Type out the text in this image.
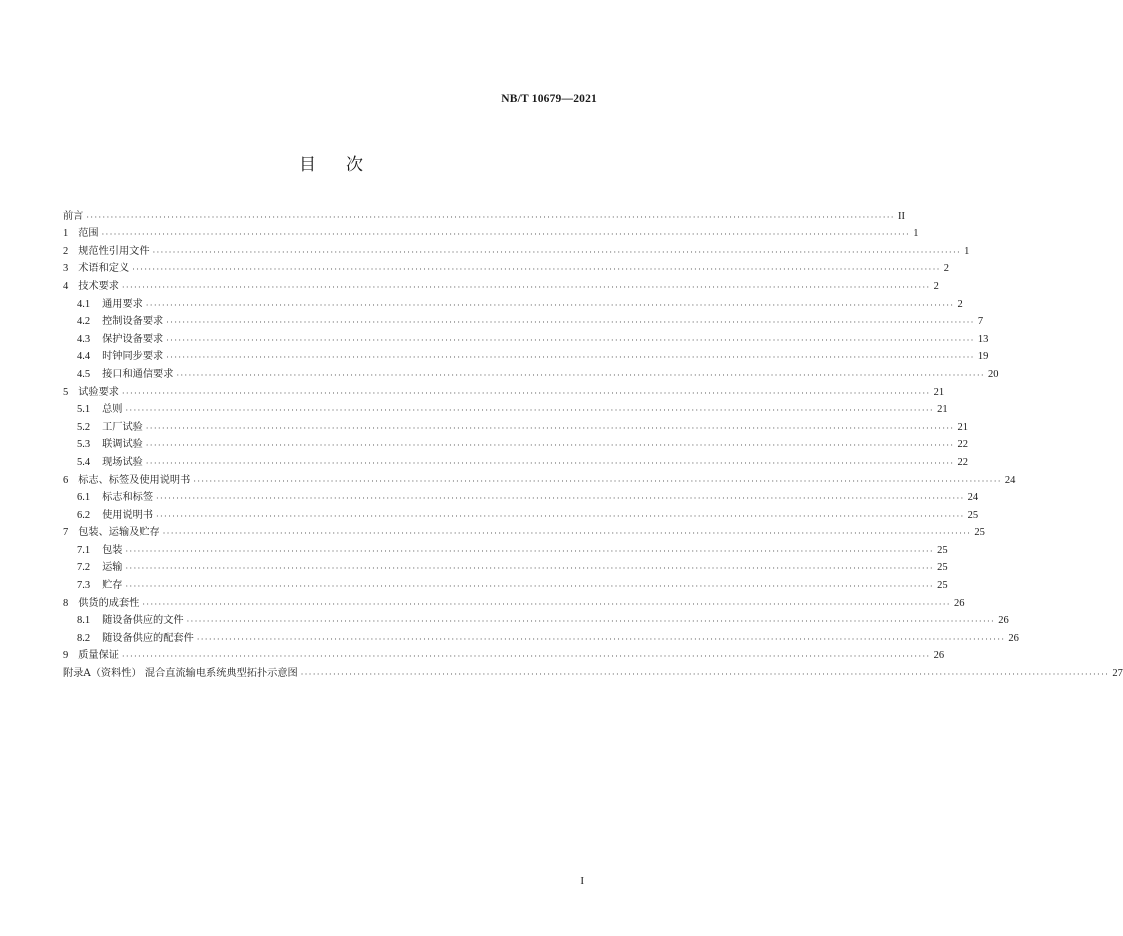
NB/T 10679—2021
目次
前言 ········································································································································································································ II
1 范围 ········································································································································································································ 1
2 规范性引用文件 ········································································································································································································ 1
3 术语和定义 ········································································································································································································ 2
4 技术要求 ········································································································································································································ 2
4.1	通用要求 ········································································································································································································ 2
4.2	控制设备要求 ········································································································································································································ 7
4.3	保护设备要求 ········································································································································································································ 13
4.4	时钟同步要求 ········································································································································································································ 19
4.5	接口和通信要求 ········································································································································································································ 20
5 试验要求 ········································································································································································································ 21
5.1	总则 ········································································································································································································ 21
5.2	工厂试验 ········································································································································································································ 21
5.3	联调试验 ········································································································································································································ 22
5.4	现场试验 ········································································································································································································ 22
6 标志、标签及使用说明书 ········································································································································································································ 24
6.1	标志和标签 ········································································································································································································ 24
6.2	使用说明书 ········································································································································································································ 25
7 包装、运输及贮存 ········································································································································································································ 25
7.1	包装 ········································································································································································································ 25
7.2	运输 ········································································································································································································ 25
7.3	贮存 ········································································································································································································ 25
8 供货的成套性 ········································································································································································································ 26
8.1	随设备供应的文件 ········································································································································································································ 26
8.2	随设备供应的配套件 ········································································································································································································ 26
9 质量保证 ········································································································································································································ 26
附录A（资料性） 混合直流输电系统典型拓扑示意图 ········································································································································································································ 27
I
